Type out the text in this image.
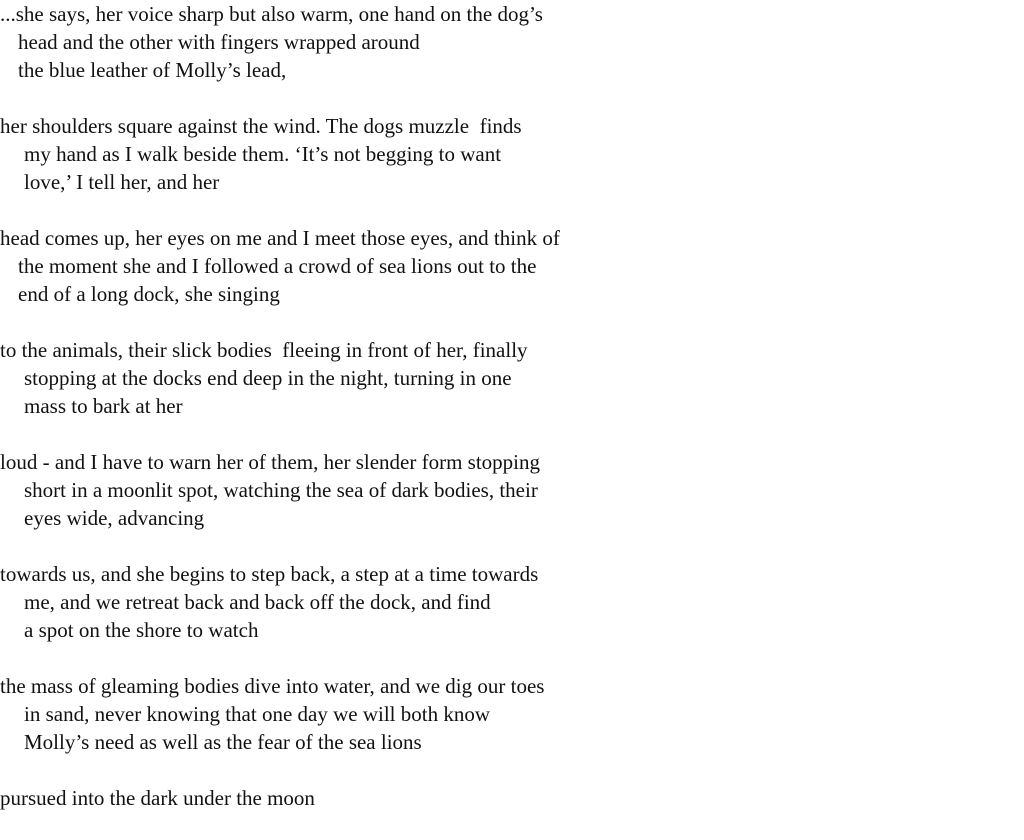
...she says, her voice sharp but also warm, one hand on the dog’s
head and the other with fingers wrapped around
the blue leather of Molly’s lead,
her shoulders square against the wind. The dogs muzzle  finds
my hand as I walk beside them. ‘It’s not begging to want
love,’ I tell her, and her
head comes up, her eyes on me and I meet those eyes, and think of
the moment she and I followed a crowd of sea lions out to the
end of a long dock, she singing
to the animals, their slick bodies  fleeing in front of her, finally
stopping at the docks end deep in the night, turning in one
mass to bark at her
loud - and I have to warn her of them, her slender form stopping
short in a moonlit spot, watching the sea of dark bodies, their
eyes wide, advancing
towards us, and she begins to step back, a step at a time towards
me, and we retreat back and back off the dock, and find
a spot on the shore to watch
the mass of gleaming bodies dive into water, and we dig our toes
in sand, never knowing that one day we will both know
Molly’s need as well as the fear of the sea lions
pursued into the dark under the moon
